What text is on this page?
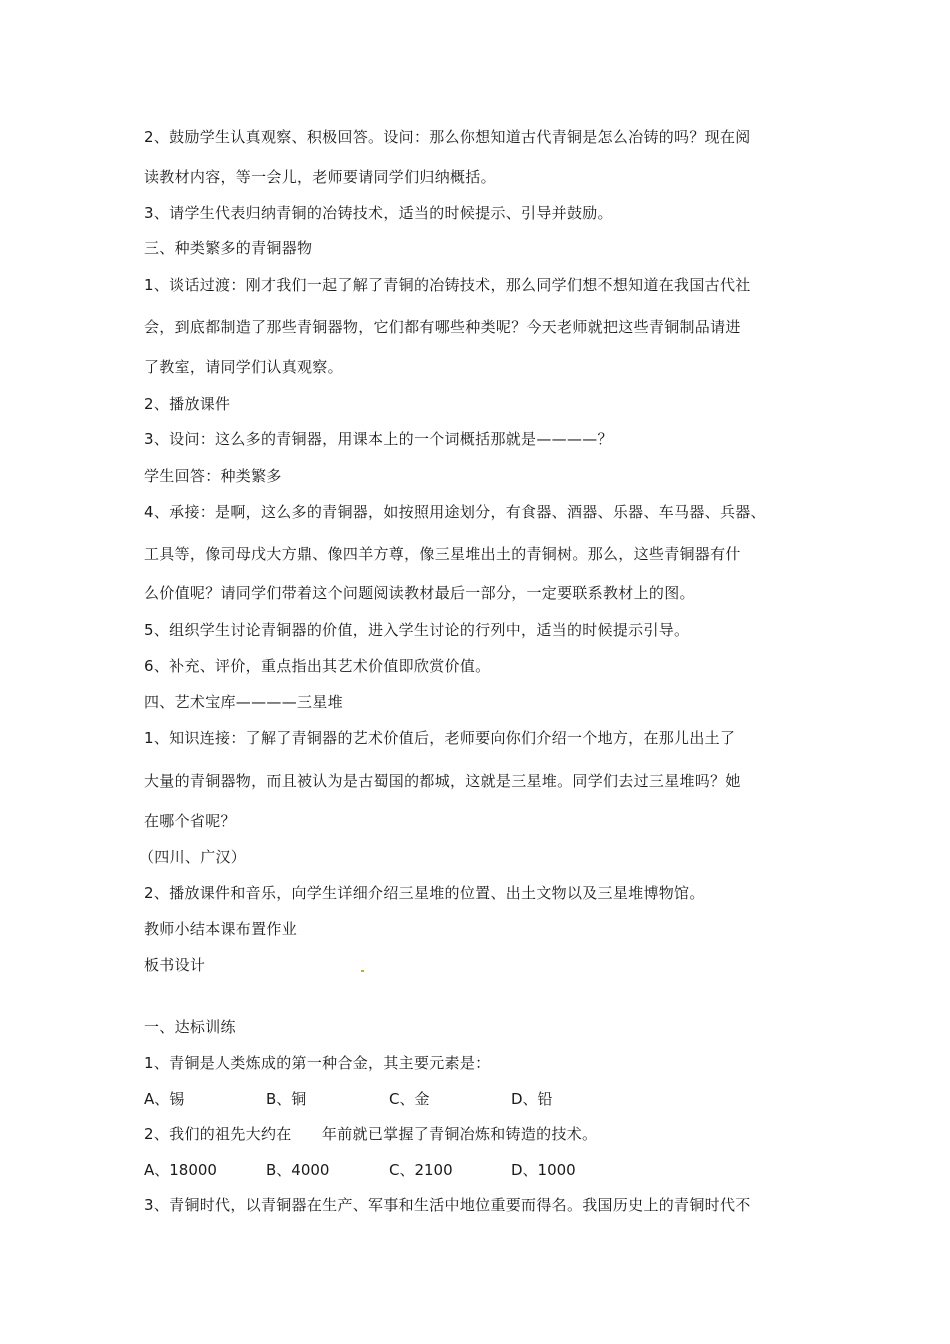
2、鼓励学生认真观察、积极回答。设问：那么你想知道古代青铜是怎么冶铸的吗？现在阅
读教材内容，等一会儿，老师要请同学们归纳概括。
3、请学生代表归纳青铜的冶铸技术，适当的时候提示、引导并鼓励。
三、种类繁多的青铜器物
1、谈话过渡：刚才我们一起了解了青铜的冶铸技术，那么同学们想不想知道在我国古代社
会，到底都制造了那些青铜器物，它们都有哪些种类呢？今天老师就把这些青铜制品请进
了教室，请同学们认真观察。
2、播放课件
3、设问：这么多的青铜器，用课本上的一个词概括那就是————？
学生回答：种类繁多
4、承接：是啊，这么多的青铜器，如按照用途划分，有食器、酒器、乐器、车马器、兵器、
工具等，像司母戊大方鼎、像四羊方尊，像三星堆出土的青铜树。那么，这些青铜器有什
么价值呢？请同学们带着这个问题阅读教材最后一部分，一定要联系教材上的图。
5、组织学生讨论青铜器的价值，进入学生讨论的行列中，适当的时候提示引导。
6、补充、评价，重点指出其艺术价值即欣赏价值。
四、艺术宝库————三星堆
1、知识连接：了解了青铜器的艺术价值后，老师要向你们介绍一个地方，在那儿出土了
大量的青铜器物，而且被认为是古蜀国的都城，这就是三星堆。同学们去过三星堆吗？她
在哪个省呢？
（四川、广汉）
2、播放课件和音乐，向学生详细介绍三星堆的位置、出土文物以及三星堆博物馆。
教师小结本课布置作业
板书设计
一、达标训练
1、青铜是人类炼成的第一种合金，其主要元素是：
A、锡	B、铜	C、金	D、铅
2、我们的祖先大约在      年前就已掌握了青铜冶炼和铸造的技术。
A、18000	B、4000	C、2100	D、1000
3、青铜时代，以青铜器在生产、军事和生活中地位重要而得名。我国历史上的青铜时代不
